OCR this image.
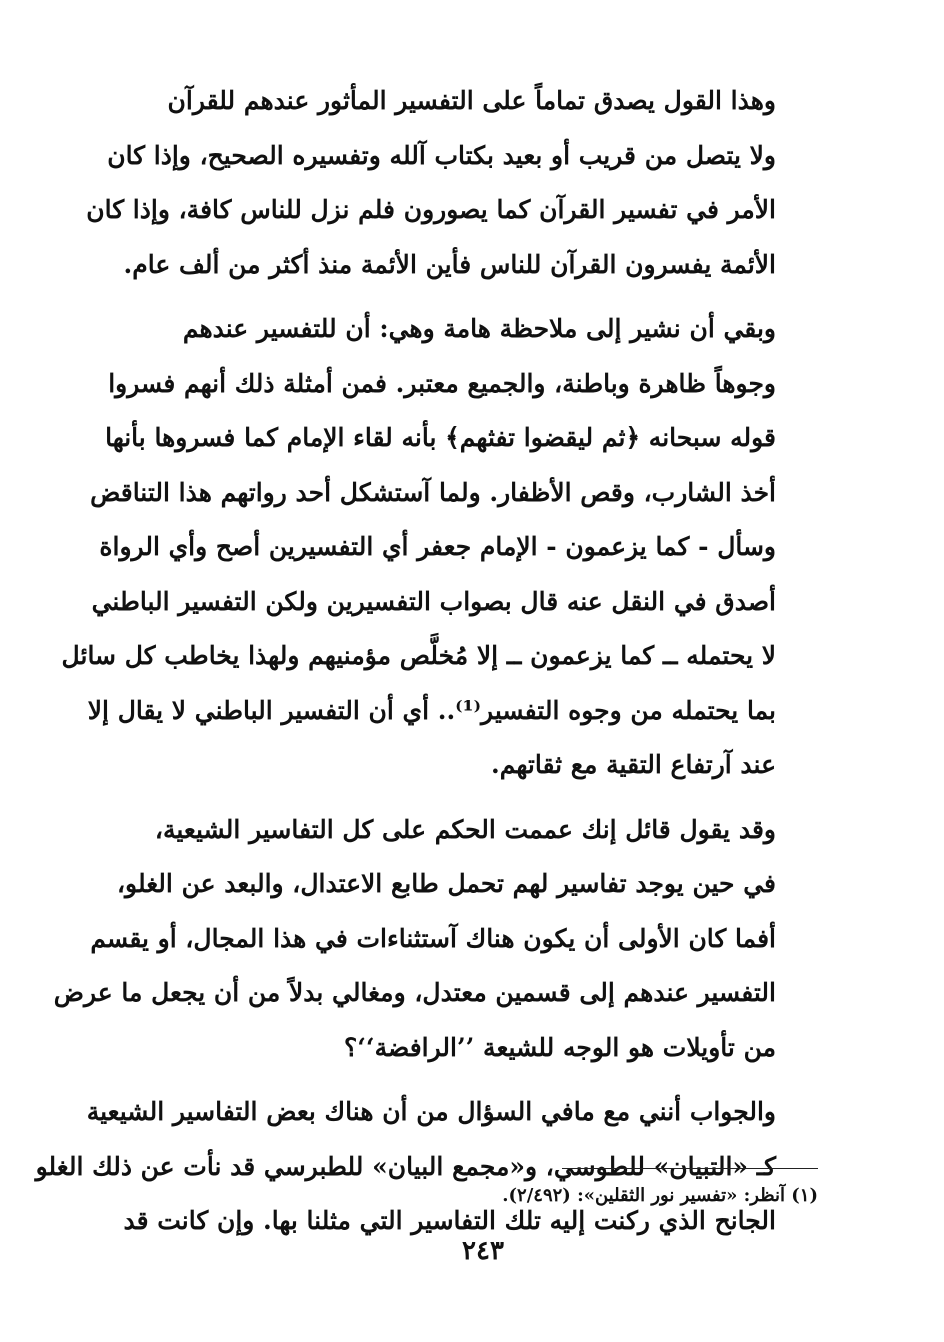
وهذا القول يصدق تماماً على التفسير المأثور عندهم للقرآن
ولا يتصل من قريب أو بعيد بكتاب آلله وتفسيره الصحيح، وإذا كان
الأمر في تفسير القرآن كما يصورون فلم نزل للناس كافة، وإذا كان
الأئمة يفسرون القرآن للناس فأين الأئمة منذ أكثر من ألف عام.

وبقي أن نشير إلى ملاحظة هامة وهي: أن للتفسير عندهم
وجوهاً ظاهرة وباطنة، والجميع معتبر. فمن أمثلة ذلك أنهم فسروا
قوله سبحانه ﴿ثم ليقضوا تفثهم﴾ بأنه لقاء الإمام كما فسروها بأنها
أخذ الشارب، وقص الأظفار. ولما آستشكل أحد رواتهم هذا التناقض
وسأل - كما يزعمون - الإمام جعفر أي التفسيرين أصح وأي الرواة
أصدق في النقل عنه قال بصواب التفسيرين ولكن التفسير الباطني
لا يحتمله ــ كما يزعمون ــ إلا مُخلَّص مؤمنيهم ولهذا يخاطب كل سائل
بما يحتمله من وجوه التفسير⁽¹⁾.. أي أن التفسير الباطني لا يقال إلا
عند آرتفاع التقية مع ثقاتهم.

وقد يقول قائل إنك عممت الحكم على كل التفاسير الشيعية،
في حين يوجد تفاسير لهم تحمل طابع الاعتدال، والبعد عن الغلو،
أفما كان الأولى أن يكون هناك آستثناءات في هذا المجال، أو يقسم
التفسير عندهم إلى قسمين معتدل، ومغالي بدلاً من أن يجعل ما عرض
من تأويلات هو الوجه للشيعة ’’الرافضة‘‘؟

والجواب أنني مع مافي السؤال من أن هناك بعض التفاسير الشيعية
كـ «التبيان» للطوسي، و«مجمع البيان» للطبرسي قد نأت عن ذلك الغلو
الجانح الذي ركنت إليه تلك التفاسير التي مثلنا بها. وإن كانت قد

(١) آنظر: «تفسير نور الثقلين»: (٢/٤٩٢).
٢٤٣
